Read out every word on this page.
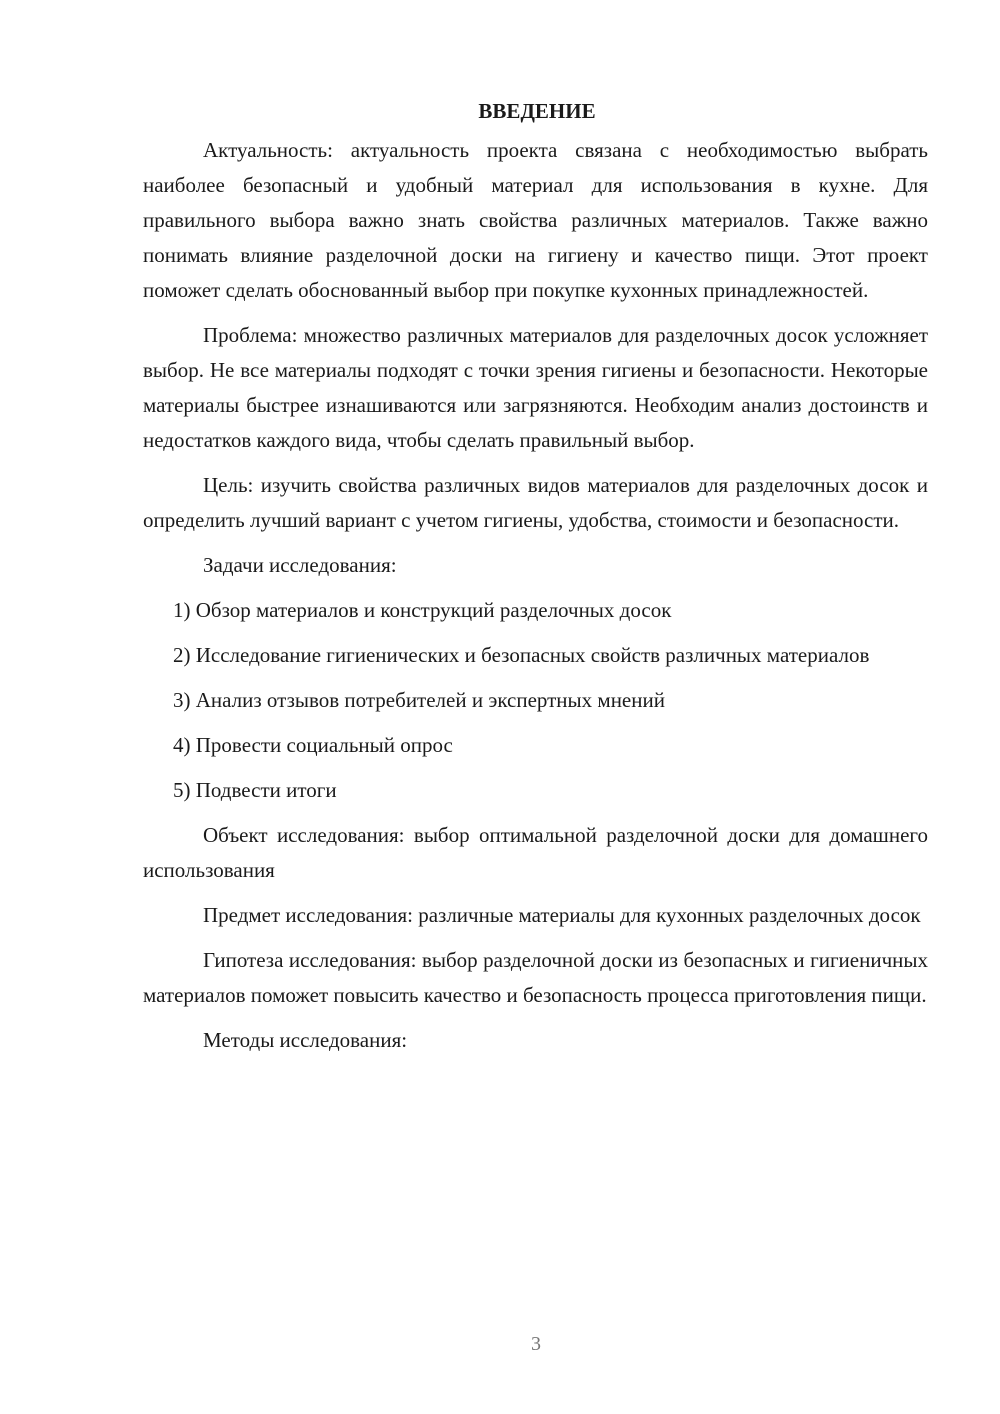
ВВЕДЕНИЕ

Актуальность: актуальность проекта связана с необходимостью выбрать наиболее безопасный и удобный материал для использования в кухне. Для правильного выбора важно знать свойства различных материалов. Также важно понимать влияние разделочной доски на гигиену и качество пищи. Этот проект поможет сделать обоснованный выбор при покупке кухонных принадлежностей.

Проблема: множество различных материалов для разделочных досок усложняет выбор. Не все материалы подходят с точки зрения гигиены и безопасности. Некоторые материалы быстрее изнашиваются или загрязняются. Необходим анализ достоинств и недостатков каждого вида, чтобы сделать правильный выбор.

Цель: изучить свойства различных видов материалов для разделочных досок и определить лучший вариант с учетом гигиены, удобства, стоимости и безопасности.

Задачи исследования:

1) Обзор материалов и конструкций разделочных досок

2) Исследование гигиенических и безопасных свойств различных материалов

3) Анализ отзывов потребителей и экспертных мнений

4) Провести социальный опрос

5) Подвести итоги

Объект исследования: выбор оптимальной разделочной доски для домашнего использования

Предмет исследования: различные материалы для кухонных разделочных досок

Гипотеза исследования: выбор разделочной доски из безопасных и гигиеничных материалов поможет повысить качество и безопасность процесса приготовления пищи.

Методы исследования:

3
